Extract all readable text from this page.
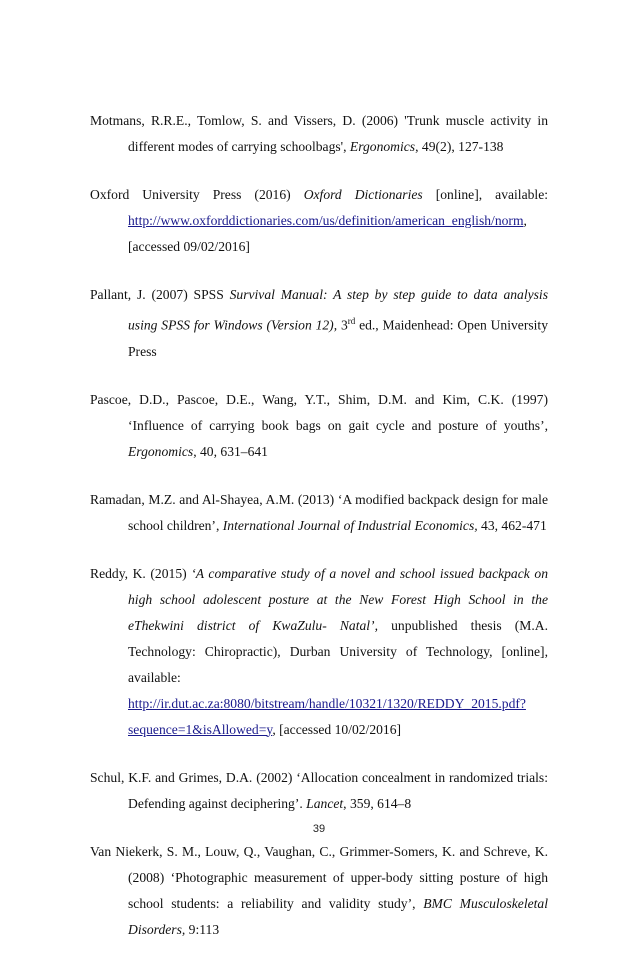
Motmans, R.R.E., Tomlow, S. and Vissers, D. (2006) 'Trunk muscle activity in different modes of carrying schoolbags', Ergonomics, 49(2), 127-138

Oxford University Press (2016) Oxford Dictionaries [online], available: http://www.oxforddictionaries.com/us/definition/american_english/norm, [accessed 09/02/2016]

Pallant, J. (2007) SPSS Survival Manual: A step by step guide to data analysis using SPSS for Windows (Version 12), 3rd ed., Maidenhead: Open University Press

Pascoe, D.D., Pascoe, D.E., Wang, Y.T., Shim, D.M. and Kim, C.K. (1997) ‘Influence of carrying book bags on gait cycle and posture of youths’, Ergonomics, 40, 631–641

Ramadan, M.Z. and Al-Shayea, A.M. (2013) ‘A modified backpack design for male school children’, International Journal of Industrial Economics, 43, 462-471

Reddy, K. (2015) ‘A comparative study of a novel and school issued backpack on high school adolescent posture at the New Forest High School in the eThekwini district of KwaZulu- Natal’, unpublished thesis (M.A. Technology: Chiropractic), Durban University of Technology, [online], available: http://ir.dut.ac.za:8080/bitstream/handle/10321/1320/REDDY_2015.pdf?sequence=1&isAllowed=y, [accessed 10/02/2016]

Schul, K.F. and Grimes, D.A. (2002) ‘Allocation concealment in randomized trials: Defending against deciphering’. Lancet, 359, 614–8

Van Niekerk, S. M., Louw, Q., Vaughan, C., Grimmer-Somers, K. and Schreve, K. (2008) ‘Photographic measurement of upper-body sitting posture of high school students: a reliability and validity study’, BMC Musculoskeletal Disorders, 9:113

39
